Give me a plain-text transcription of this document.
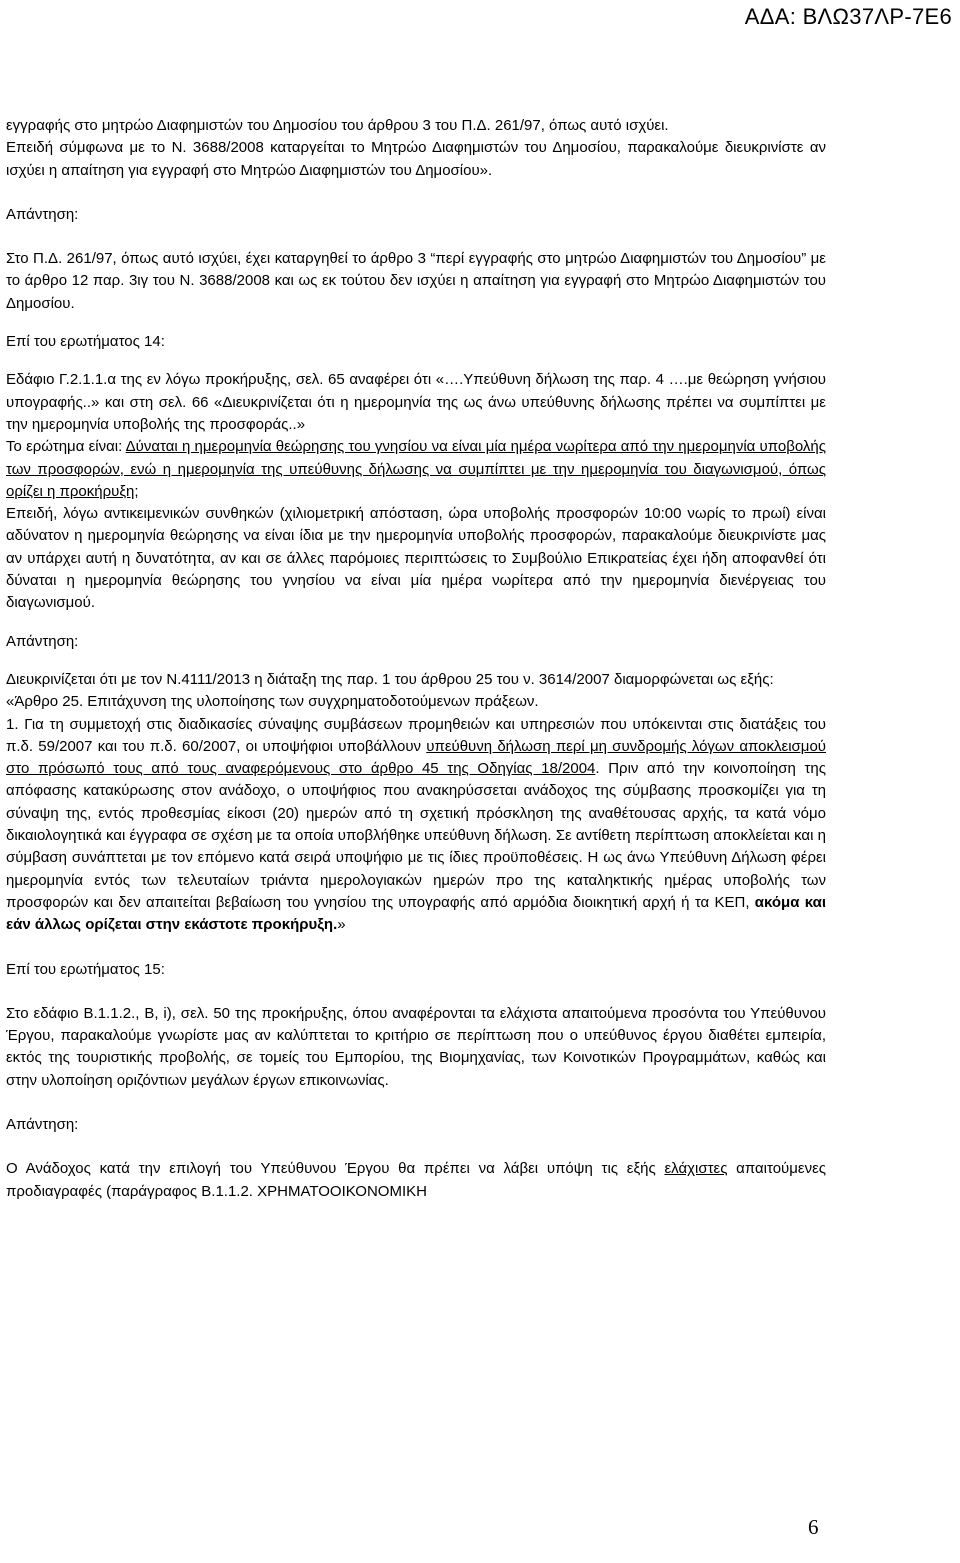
ΑΔΑ: ΒΛΩ37ΛΡ-7Ε6

εγγραφής στο μητρώο Διαφημιστών του Δημοσίου του άρθρου 3 του Π.Δ. 261/97, όπως αυτό ισχύει.

Επειδή σύμφωνα με το Ν. 3688/2008 καταργείται το Μητρώο Διαφημιστών του Δημοσίου, παρακαλούμε διευκρινίστε αν ισχύει η απαίτηση για εγγραφή στο Μητρώο Διαφημιστών του Δημοσίου».

Απάντηση:

Στο Π.Δ. 261/97, όπως αυτό ισχύει, έχει καταργηθεί το άρθρο 3 “περί εγγραφής στο μητρώο Διαφημιστών του Δημοσίου” με το άρθρο 12 παρ. 3ιγ του Ν. 3688/2008 και ως εκ τούτου δεν ισχύει η απαίτηση για εγγραφή στο Μητρώο Διαφημιστών του Δημοσίου.

Επί του ερωτήματος 14:

Εδάφιο Γ.2.1.1.α της εν λόγω προκήρυξης, σελ. 65 αναφέρει ότι «….Υπεύθυνη δήλωση της παρ. 4 ….με θεώρηση γνήσιου υπογραφής..» και στη σελ. 66 «Διευκρινίζεται ότι η ημερομηνία της ως άνω υπεύθυνης δήλωσης πρέπει να συμπίπτει με την ημερομηνία υποβολής της προσφοράς..»

Το ερώτημα είναι: Δύναται η ημερομηνία θεώρησης του γνησίου να είναι μία ημέρα νωρίτερα από την ημερομηνία υποβολής των προσφορών, ενώ η ημερομηνία της υπεύθυνης δήλωσης να συμπίπτει με την ημερομηνία του διαγωνισμού, όπως ορίζει η προκήρυξη;

Επειδή, λόγω αντικειμενικών συνθηκών (χιλιομετρική απόσταση, ώρα υποβολής προσφορών 10:00 νωρίς το πρωί) είναι αδύνατον η ημερομηνία θεώρησης να είναι ίδια με την ημερομηνία υποβολής προσφορών, παρακαλούμε διευκρινίστε μας αν υπάρχει αυτή η δυνατότητα, αν και σε άλλες παρόμοιες περιπτώσεις το Συμβούλιο Επικρατείας έχει ήδη αποφανθεί ότι δύναται η ημερομηνία θεώρησης του γνησίου να είναι μία ημέρα νωρίτερα από την ημερομηνία διενέργειας του διαγωνισμού.

Απάντηση:

Διευκρινίζεται ότι με τον Ν.4111/2013 η διάταξη της παρ. 1 του άρθρου 25 του ν. 3614/2007 διαμορφώνεται ως εξής:

«Άρθρο 25. Επιτάχυνση της υλοποίησης των συγχρηματοδοτούμενων πράξεων.

1. Για τη συμμετοχή στις διαδικασίες σύναψης συμβάσεων προμηθειών και υπηρεσιών που υπόκεινται στις διατάξεις του π.δ. 59/2007 και του π.δ. 60/2007, οι υποψήφιοι υποβάλλουν υπεύθυνη δήλωση περί μη συνδρομής λόγων αποκλεισμού στο πρόσωπό τους από τους αναφερόμενους στο άρθρο 45 της Οδηγίας 18/2004. Πριν από την κοινοποίηση της απόφασης κατακύρωσης στον ανάδοχο, ο υποψήφιος που ανακηρύσσεται ανάδοχος της σύμβασης προσκομίζει για τη σύναψη της, εντός προθεσμίας είκοσι (20) ημερών από τη σχετική πρόσκληση της αναθέτουσας αρχής, τα κατά νόμο δικαιολογητικά και έγγραφα σε σχέση με τα οποία υποβλήθηκε υπεύθυνη δήλωση. Σε αντίθετη περίπτωση αποκλείεται και η σύμβαση συνάπτεται με τον επόμενο κατά σειρά υποψήφιο με τις ίδιες προϋποθέσεις. Η ως άνω Υπεύθυνη Δήλωση φέρει ημερομηνία εντός των τελευταίων τριάντα ημερολογιακών ημερών προ της καταληκτικής ημέρας υποβολής των προσφορών και δεν απαιτείται βεβαίωση του γνησίου της υπογραφής από αρμόδια διοικητική αρχή ή τα ΚΕΠ, ακόμα και εάν άλλως ορίζεται στην εκάστοτε προκήρυξη.»

Επί του ερωτήματος 15:

Στο εδάφιο Β.1.1.2., Β, i), σελ. 50 της προκήρυξης, όπου αναφέρονται τα ελάχιστα απαιτούμενα προσόντα του Υπεύθυνου Έργου, παρακαλούμε γνωρίστε μας αν καλύπτεται το κριτήριο σε περίπτωση που ο υπεύθυνος έργου διαθέτει εμπειρία, εκτός της τουριστικής προβολής, σε τομείς του Εμπορίου, της Βιομηχανίας, των Κοινοτικών Προγραμμάτων, καθώς και στην υλοποίηση οριζόντιων μεγάλων έργων επικοινωνίας.

Απάντηση:

Ο Ανάδοχος κατά την επιλογή του Υπεύθυνου Έργου θα πρέπει να λάβει υπόψη τις εξής ελάχιστες απαιτούμενες προδιαγραφές (παράγραφος Β.1.1.2. ΧΡΗΜΑΤΟΟΙΚΟΝΟΜΙΚΗ

6
